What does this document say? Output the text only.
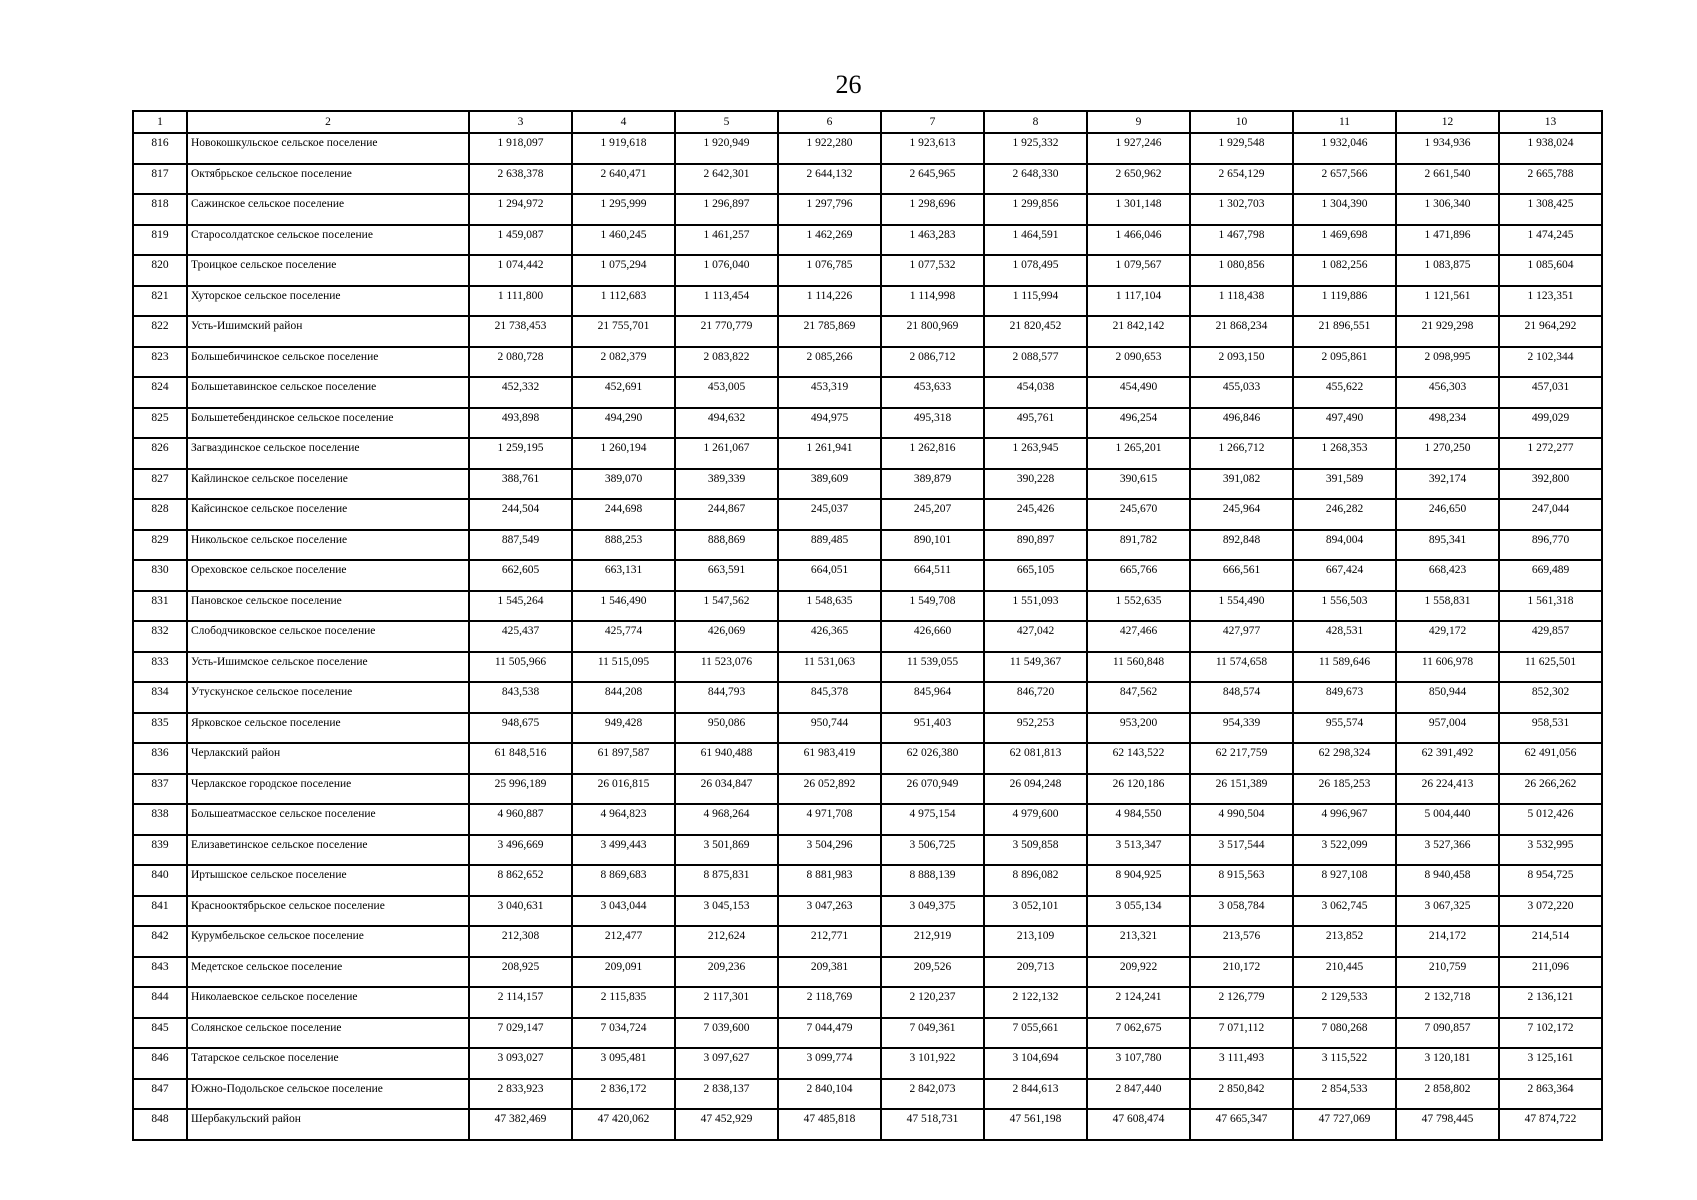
26
1	2	3	4	5	6	7	8	9	10	11	12	13
816	Новокошкульское сельское поселение	1 918,097	1 919,618	1 920,949	1 922,280	1 923,613	1 925,332	1 927,246	1 929,548	1 932,046	1 934,936	1 938,024
817	Октябрьское сельское поселение	2 638,378	2 640,471	2 642,301	2 644,132	2 645,965	2 648,330	2 650,962	2 654,129	2 657,566	2 661,540	2 665,788
818	Сажинское сельское поселение	1 294,972	1 295,999	1 296,897	1 297,796	1 298,696	1 299,856	1 301,148	1 302,703	1 304,390	1 306,340	1 308,425
819	Старосолдатское сельское поселение	1 459,087	1 460,245	1 461,257	1 462,269	1 463,283	1 464,591	1 466,046	1 467,798	1 469,698	1 471,896	1 474,245
820	Троицкое сельское поселение	1 074,442	1 075,294	1 076,040	1 076,785	1 077,532	1 078,495	1 079,567	1 080,856	1 082,256	1 083,875	1 085,604
821	Хуторское сельское поселение	1 111,800	1 112,683	1 113,454	1 114,226	1 114,998	1 115,994	1 117,104	1 118,438	1 119,886	1 121,561	1 123,351
822	Усть-Ишимский район	21 738,453	21 755,701	21 770,779	21 785,869	21 800,969	21 820,452	21 842,142	21 868,234	21 896,551	21 929,298	21 964,292
823	Большебичинское сельское поселение	2 080,728	2 082,379	2 083,822	2 085,266	2 086,712	2 088,577	2 090,653	2 093,150	2 095,861	2 098,995	2 102,344
824	Большетавинское сельское поселение	452,332	452,691	453,005	453,319	453,633	454,038	454,490	455,033	455,622	456,303	457,031
825	Большетебендинское сельское поселение	493,898	494,290	494,632	494,975	495,318	495,761	496,254	496,846	497,490	498,234	499,029
826	Загваздинское сельское поселение	1 259,195	1 260,194	1 261,067	1 261,941	1 262,816	1 263,945	1 265,201	1 266,712	1 268,353	1 270,250	1 272,277
827	Кайлинское сельское поселение	388,761	389,070	389,339	389,609	389,879	390,228	390,615	391,082	391,589	392,174	392,800
828	Кайсинское сельское поселение	244,504	244,698	244,867	245,037	245,207	245,426	245,670	245,964	246,282	246,650	247,044
829	Никольское сельское поселение	887,549	888,253	888,869	889,485	890,101	890,897	891,782	892,848	894,004	895,341	896,770
830	Ореховское сельское поселение	662,605	663,131	663,591	664,051	664,511	665,105	665,766	666,561	667,424	668,423	669,489
831	Пановское сельское поселение	1 545,264	1 546,490	1 547,562	1 548,635	1 549,708	1 551,093	1 552,635	1 554,490	1 556,503	1 558,831	1 561,318
832	Слободчиковское сельское поселение	425,437	425,774	426,069	426,365	426,660	427,042	427,466	427,977	428,531	429,172	429,857
833	Усть-Ишимское сельское поселение	11 505,966	11 515,095	11 523,076	11 531,063	11 539,055	11 549,367	11 560,848	11 574,658	11 589,646	11 606,978	11 625,501
834	Утускунское сельское поселение	843,538	844,208	844,793	845,378	845,964	846,720	847,562	848,574	849,673	850,944	852,302
835	Ярковское сельское поселение	948,675	949,428	950,086	950,744	951,403	952,253	953,200	954,339	955,574	957,004	958,531
836	Черлакский район	61 848,516	61 897,587	61 940,488	61 983,419	62 026,380	62 081,813	62 143,522	62 217,759	62 298,324	62 391,492	62 491,056
837	Черлакское городское поселение	25 996,189	26 016,815	26 034,847	26 052,892	26 070,949	26 094,248	26 120,186	26 151,389	26 185,253	26 224,413	26 266,262
838	Большеатмасское сельское поселение	4 960,887	4 964,823	4 968,264	4 971,708	4 975,154	4 979,600	4 984,550	4 990,504	4 996,967	5 004,440	5 012,426
839	Елизаветинское сельское поселение	3 496,669	3 499,443	3 501,869	3 504,296	3 506,725	3 509,858	3 513,347	3 517,544	3 522,099	3 527,366	3 532,995
840	Иртышское сельское поселение	8 862,652	8 869,683	8 875,831	8 881,983	8 888,139	8 896,082	8 904,925	8 915,563	8 927,108	8 940,458	8 954,725
841	Краснооктябрьское сельское поселение	3 040,631	3 043,044	3 045,153	3 047,263	3 049,375	3 052,101	3 055,134	3 058,784	3 062,745	3 067,325	3 072,220
842	Курумбельское сельское поселение	212,308	212,477	212,624	212,771	212,919	213,109	213,321	213,576	213,852	214,172	214,514
843	Медетское сельское поселение	208,925	209,091	209,236	209,381	209,526	209,713	209,922	210,172	210,445	210,759	211,096
844	Николаевское сельское поселение	2 114,157	2 115,835	2 117,301	2 118,769	2 120,237	2 122,132	2 124,241	2 126,779	2 129,533	2 132,718	2 136,121
845	Солянское сельское поселение	7 029,147	7 034,724	7 039,600	7 044,479	7 049,361	7 055,661	7 062,675	7 071,112	7 080,268	7 090,857	7 102,172
846	Татарское сельское поселение	3 093,027	3 095,481	3 097,627	3 099,774	3 101,922	3 104,694	3 107,780	3 111,493	3 115,522	3 120,181	3 125,161
847	Южно-Подольское сельское поселение	2 833,923	2 836,172	2 838,137	2 840,104	2 842,073	2 844,613	2 847,440	2 850,842	2 854,533	2 858,802	2 863,364
848	Шербакульский район	47 382,469	47 420,062	47 452,929	47 485,818	47 518,731	47 561,198	47 608,474	47 665,347	47 727,069	47 798,445	47 874,722
